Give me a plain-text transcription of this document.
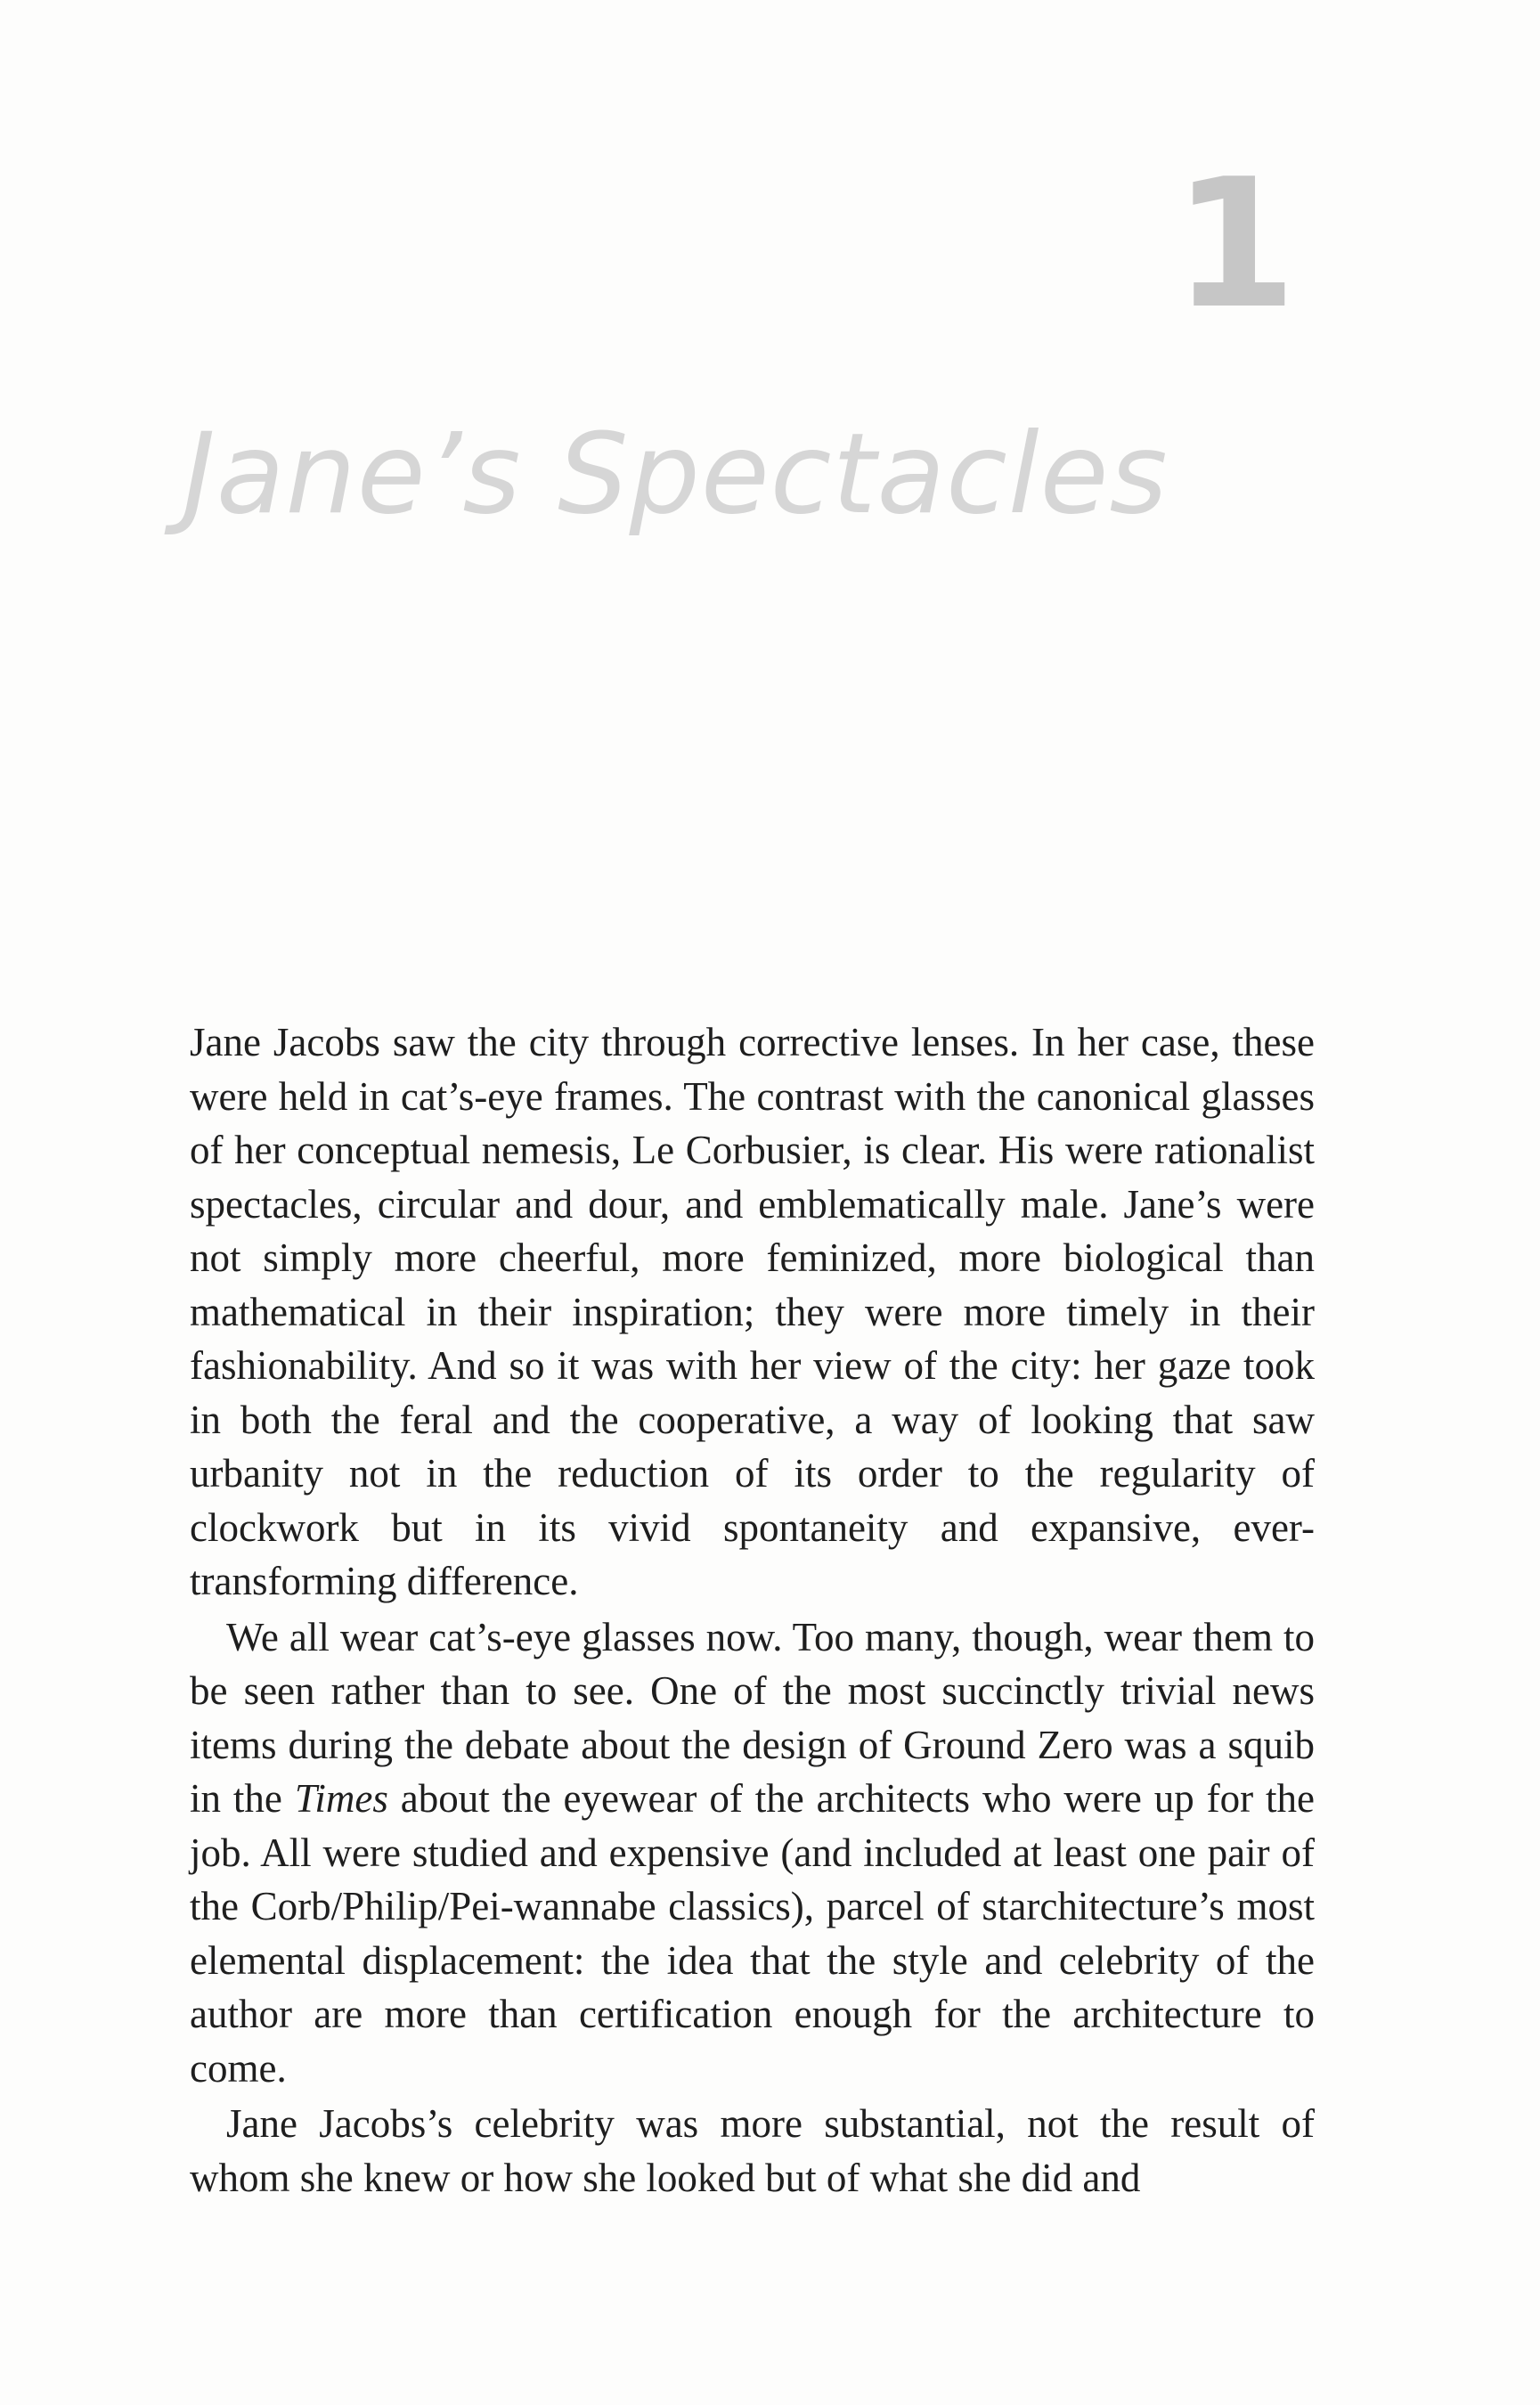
1
Jane’s Spectacles

Jane Jacobs saw the city through corrective lenses. In her case, these were held in cat’s-eye frames. The contrast with the canonical glasses of her conceptual nemesis, Le Corbusier, is clear. His were rationalist spectacles, circular and dour, and emblematically male. Jane’s were not simply more cheerful, more feminized, more biological than mathematical in their inspiration; they were more timely in their fashionability. And so it was with her view of the city: her gaze took in both the feral and the cooperative, a way of looking that saw urbanity not in the reduction of its order to the regularity of clockwork but in its vivid spontaneity and expansive, ever-transforming difference.

We all wear cat’s-eye glasses now. Too many, though, wear them to be seen rather than to see. One of the most succinctly trivial news items during the debate about the design of Ground Zero was a squib in the Times about the eyewear of the architects who were up for the job. All were studied and expensive (and included at least one pair of the Corb/Philip/Pei-wannabe classics), parcel of starchitecture’s most elemental displacement: the idea that the style and celebrity of the author are more than certification enough for the architecture to come.

Jane Jacobs’s celebrity was more substantial, not the result of whom she knew or how she looked but of what she did and
